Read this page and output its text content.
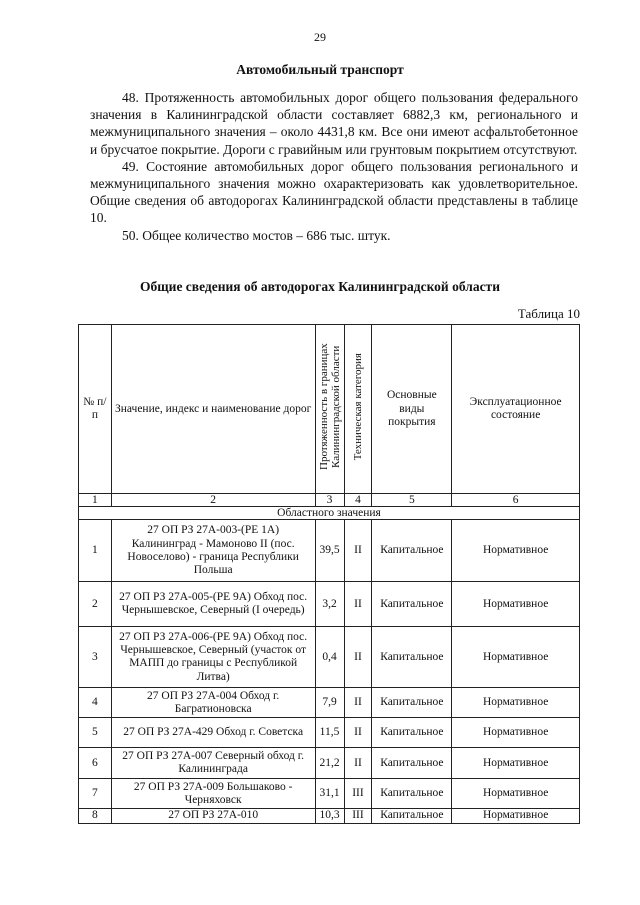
29
Автомобильный транспорт

48. Протяженность автомобильных дорог общего пользования федерального значения в Калининградской области составляет 6882,3 км, регионального и межмуниципального значения – около 4431,8 км. Все они имеют асфальтобетонное и брусчатое покрытие. Дороги с гравийным или грунтовым покрытием отсутствуют.

49. Состояние автомобильных дорог общего пользования регионального и межмуниципального значения можно охарактеризовать как удовлетворительное. Общие сведения об автодорогах Калининградской области представлены в таблице 10.

50. Общее количество мостов – 686 тыс. штук.

Общие сведения об автодорогах Калининградской области
Таблица 10
№ п/п	Значение, индекс и наименование дорог	Протяженность в границах Калининградской области	Техническая категория	Основные виды покрытия	Эксплуатационное состояние
1	2	3	4	5	6
Областного значения					
1	27 ОП РЗ 27А-003-(РЕ 1А) Калининград - Мамоново II (пос. Новоселово) - граница Республики Польша	39,5	II	Капитальное	Нормативное
2	27 ОП РЗ 27А-005-(РЕ 9А) Обход пос. Чернышевское, Северный (I очередь)	3,2	II	Капитальное	Нормативное
3	27 ОП РЗ 27А-006-(РЕ 9А) Обход пос. Чернышевское, Северный (участок от МАПП до границы с Республикой Литва)	0,4	II	Капитальное	Нормативное
4	27 ОП РЗ 27А-004 Обход г. Багратионовска	7,9	II	Капитальное	Нормативное
5	27 ОП РЗ 27А-429 Обход г. Советска	11,5	II	Капитальное	Нормативное
6	27 ОП РЗ 27А-007 Северный обход г. Калининграда	21,2	II	Капитальное	Нормативное
7	27 ОП РЗ 27А-009 Большаково - Черняховск	31,1	III	Капитальное	Нормативное
8	27 ОП РЗ 27А-010	10,3	III	Капитальное	Нормативное
